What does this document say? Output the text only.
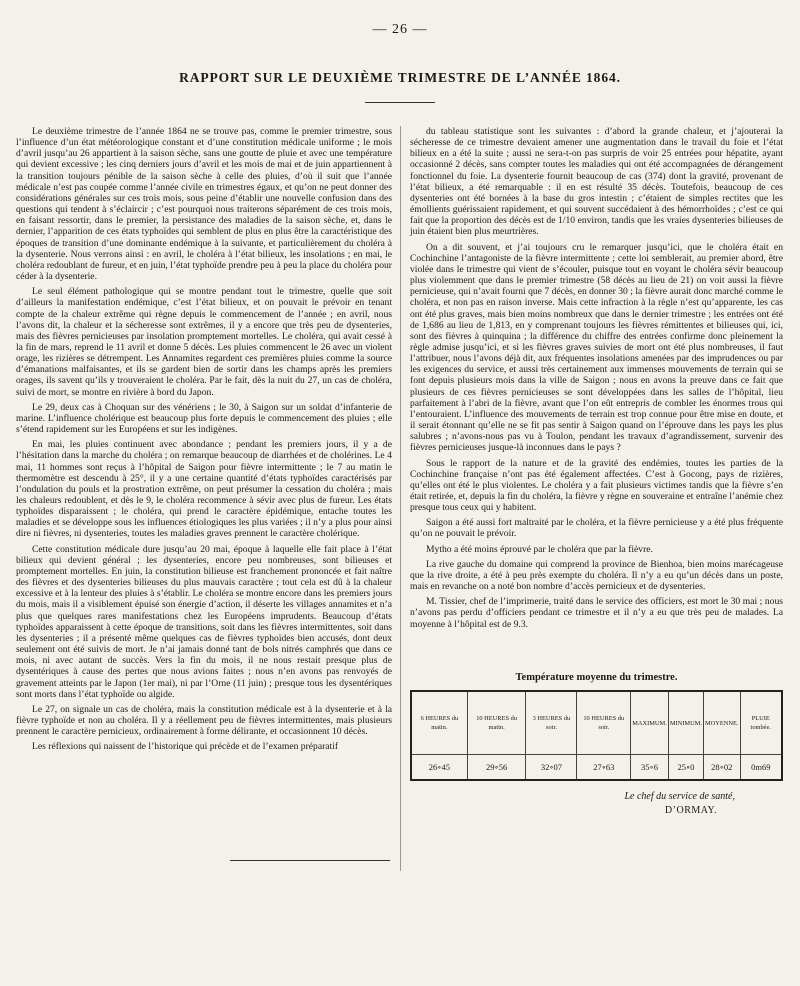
— 26 —
RAPPORT SUR LE DEUXIÈME TRIMESTRE DE L’ANNÉE 1864.

Le deuxième trimestre de l’année 1864 ne se trouve pas, comme le premier trimestre, sous l’influence d’un état météorologique constant et d’une constitution médicale uniforme ; le mois d’avril jusqu’au 26 appartient à la saison sèche, sans une goutte de pluie et avec une température qui devient excessive ; les cinq derniers jours d’avril et les mois de mai et de juin appartiennent à la transition toujours pénible de la saison sèche à celle des pluies, d’où il suit que l’année médicale n’est pas coupée comme l’année civile en trimestres égaux, et qu’on ne peut donner des considérations générales sur ces trois mois, sous peine d’établir une nouvelle confusion dans des questions qui tendent à s’éclaircir ; c’est pourquoi nous traiterons séparément de ces trois mois, en faisant ressortir, dans le premier, la persistance des maladies de la saison sèche, et, dans le dernier, l’apparition de ces états typhoïdes qui semblent de plus en plus être la caractéristique des époques de transition d’une dominante endémique à la suivante, et particulièrement du choléra à la dysenterie. Nous verrons ainsi : en avril, le choléra à l’état bilieux, les insolations ; en mai, le choléra redoublant de fureur, et en juin, l’état typhoïde prendre peu à peu la place du choléra pour céder à la dysenterie.

Le seul élément pathologique qui se montre pendant tout le trimestre, quelle que soit d’ailleurs la manifestation endémique, c’est l’état bilieux, et on pouvait le prévoir en tenant compte de la chaleur extrême qui règne depuis le commencement de l’année ; en avril, nous l’avons dit, la chaleur et la sécheresse sont extrêmes, il y a encore que très peu de dysenteries, mais des fièvres pernicieuses par insolation promptement mortelles. Le choléra, qui avait cessé à la fin de mars, reprend le 11 avril et donne 5 décès. Les pluies commencent le 26 avec un violent orage, les rizières se détrempent. Les Annamites regardent ces premières pluies comme la source d’émanations malfaisantes, et ils se gardent bien de sortir dans les champs après les premiers orages, ils savent qu’ils y trouveraient le choléra. Par le fait, dès la nuit du 27, un cas de choléra, suivi de mort, se montre en rivière à bord du Japon.

Le 29, deux cas à Choquan sur des vénériens ; le 30, à Saigon sur un soldat d’infanterie de marine. L’influence cholérique est beaucoup plus forte depuis le commencement des pluies ; elle s’étend rapidement sur les Européens et sur les indigènes.

En mai, les pluies continuent avec abondance ; pendant les premiers jours, il y a de l’hésitation dans la marche du choléra ; on remarque beaucoup de diarrhées et de cholérines. Le 4 mai, 11 hommes sont reçus à l’hôpital de Saigon pour fièvre intermittente ; le 7 au matin le thermomètre est descendu à 25°, il y a une certaine quantité d’états typhoïdes caractérisés par l’ondulation du pouls et la prostration extrême, on peut présumer la cessation du choléra ; mais les chaleurs redoublent, et dès le 9, le choléra recommence à sévir avec plus de fureur. Les états typhoïdes disparaissent ; le choléra, qui prend le caractère épidémique, entache toutes les maladies et se développe sous les influences étiologiques les plus variées ; il n’y a plus pour ainsi dire ni fièvres, ni dysenteries, toutes les maladies graves prennent le caractère cholérique.

Cette constitution médicale dure jusqu’au 20 mai, époque à laquelle elle fait place à l’état bilieux qui devient général ; les dysenteries, encore peu nombreuses, sont bilieuses et promptement mortelles. En juin, la constitution bilieuse est franchement prononcée et fait naître des fièvres et des dysenteries bilieuses du plus mauvais caractère ; tout cela est dû à la chaleur excessive et à la lenteur des pluies à s’établir. Le choléra se montre encore dans les premiers jours du mois, mais il a visiblement épuisé son énergie d’action, il déserte les villages annamites et n’a plus que quelques rares manifestations chez les Européens imprudents. Beaucoup d’états typhoïdes apparaissent à cette époque de transitions, soit dans les fièvres intermittentes, soit dans les dysenteries ; il a présenté même quelques cas de fièvres typhoïdes bien accusés, dont deux seulement ont été suivis de mort. Je n’ai jamais donné tant de bols nitrés camphrés que dans ce mois, ni avec autant de succès. Vers la fin du mois, il ne nous restait presque plus de dysentériques à cause des pertes que nous avions faites ; nous n’en avons pas renvoyés de gravement atteints par le Japon (1er mai), ni par l’Orne (11 juin) ; presque tous les dysentériques sont morts dans l’état typhoïde ou algide.

Le 27, on signale un cas de choléra, mais la constitution médicale est à la dysenterie et à la fièvre typhoïde et non au choléra. Il y a réellement peu de fièvres intermittentes, mais plusieurs prennent le caractère pernicieux, ordinairement à forme délirante, et occasionnent 10 décès.

Les réflexions qui naissent de l’historique qui précède et de l’examen préparatif

du tableau statistique sont les suivantes : d’abord la grande chaleur, et j’ajouterai la sécheresse de ce trimestre devaient amener une augmentation dans le travail du foie et l’état bilieux en a été la suite ; aussi ne sera-t-on pas surpris de voir 25 entrées pour hépatite, ayant occasionné 2 décès, sans compter toutes les maladies qui ont été accompagnées de dérangement fonctionnel du foie. La dysenterie fournit beaucoup de cas (374) dont la gravité, provenant de l’état bilieux, a été remarquable : il en est résulté 35 décès. Toutefois, beaucoup de ces dysenteries ont été bornées à la base du gros intestin ; c’étaient de simples rectites que les émollients guérissaient rapidement, et qui souvent succédaient à des hémorrhoïdes ; c’est ce qui fait que la proportion des décès est de 1/10 environ, tandis que les vraies dysenteries bilieuses de juin étaient bien plus meurtrières.

On a dit souvent, et j’ai toujours cru le remarquer jusqu’ici, que le choléra était en Cochinchine l’antagoniste de la fièvre intermittente ; cette loi semblerait, au premier abord, être violée dans le trimestre qui vient de s’écouler, puisque tout en voyant le choléra sévir beaucoup plus violemment que dans le premier trimestre (58 décès au lieu de 21) on voit aussi la fièvre pernicieuse, qui n’avait fourni que 7 décès, en donner 30 ; la fièvre aurait donc marché comme le choléra, et non pas en raison inverse. Mais cette infraction à la règle n’est qu’apparente, les cas ont été plus graves, mais bien moins nombreux que dans le dernier trimestre ; les entrées ont été de 1,686 au lieu de 1,813, en y comprenant toujours les fièvres rémittentes et bilieuses qui, ici, sont des fièvres à quinquina ; la différence du chiffre des entrées confirme donc pleinement la règle admise jusqu’ici, et si les fièvres graves suivies de mort ont été plus nombreuses, il faut l’attribuer, nous l’avons déjà dit, aux fréquentes insolations amenées par des imprudences ou par les exigences du service, et aussi très certainement aux immenses mouvements de terrain qui se font depuis plusieurs mois dans la ville de Saigon ; nous en avons la preuve dans ce fait que plusieurs de ces fièvres pernicieuses se sont développées dans les salles de l’hôpital, lieu parfaitement à l’abri de la fièvre, avant que l’on eût entrepris de combler les énormes trous qui l’entouraient. L’influence des mouvements de terrain est trop connue pour être mise en doute, et il serait étonnant qu’elle ne se fit pas sentir à Saigon quand on l’éprouve dans les pays les plus salubres ; n’avons-nous pas vu à Toulon, pendant les travaux d’agrandissement, survenir des fièvres pernicieuses jusque-là inconnues dans le pays ?

Sous le rapport de la nature et de la gravité des endémies, toutes les parties de la Cochinchine française n’ont pas été également affectées. C’est à Gocong, pays de rizières, qu’elles ont été le plus violentes. Le choléra y a fait plusieurs victimes tandis que la fièvre s’en était retirée, et, depuis la fin du choléra, la fièvre y règne en souveraine et entraîne l’anémie chez presque tous ceux qui y habitent.

Saigon a été aussi fort maltraité par le choléra, et la fièvre pernicieuse y a été plus fréquente qu’on ne pouvait le prévoir.

Mytho a été moins éprouvé par le choléra que par la fièvre.

La rive gauche du domaine qui comprend la province de Bienhoa, bien moins marécageuse que la rive droite, a été à peu près exempte du choléra. Il n’y a eu qu’un décès dans un poste, mais en revanche on a noté bon nombre d’accès pernicieux et de dysenteries.

M. Tissier, chef de l’imprimerie, traité dans le service des officiers, est mort le 30 mai ; nous n’avons pas perdu d’officiers pendant ce trimestre et il n’y a eu que très peu de malades. La moyenne à l’hôpital est de 9.3.

Température moyenne du trimestre.
6 HEURES du matin.	10 HEURES du matin.	3 HEURES du soir.	10 HEURES du soir.	MAXIMUM.	MINIMUM.	MOYENNE.	PLUIE tombée.
26∘45	29∘56	32∘07	27∘63	35∘6	25∘0	28∘02	0m69
Le chef du service de santé,
D’ORMAY.
